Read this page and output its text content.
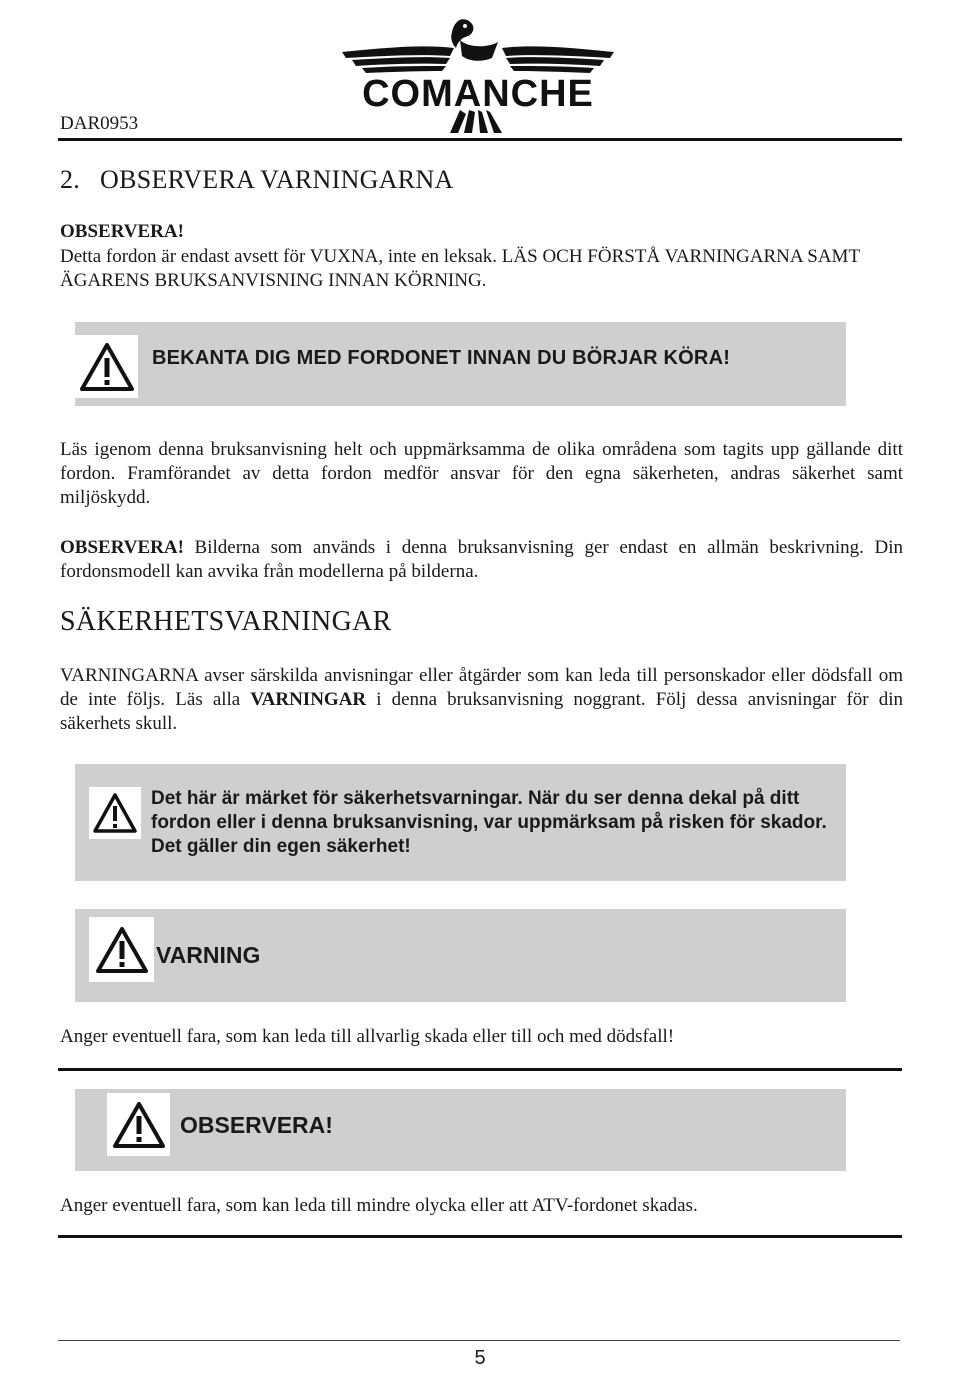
DAR0953
COMANCHE
2. OBSERVERA VARNINGARNA
OBSERVERA!
Detta fordon är endast avsett för VUXNA, inte en leksak. LÄS OCH FÖRSTÅ VARNINGARNA SAMT ÄGARENS BRUKSANVISNING INNAN KÖRNING.
BEKANTA DIG MED FORDONET INNAN DU BÖRJAR KÖRA!
Läs igenom denna bruksanvisning helt och uppmärksamma de olika områdena som tagits upp gällande ditt fordon. Framförandet av detta fordon medför ansvar för den egna säkerheten, andras säkerhet samt miljöskydd.
OBSERVERA! Bilderna som används i denna bruksanvisning ger endast en allmän beskrivning. Din fordonsmodell kan avvika från modellerna på bilderna.
SÄKERHETSVARNINGAR
VARNINGARNA avser särskilda anvisningar eller åtgärder som kan leda till personskador eller dödsfall om de inte följs. Läs alla VARNINGAR i denna bruksanvisning noggrant. Följ dessa anvisningar för din säkerhets skull.
Det här är märket för säkerhetsvarningar. När du ser denna dekal på ditt fordon eller i denna bruksanvisning, var uppmärksam på risken för skador. Det gäller din egen säkerhet!
VARNING
Anger eventuell fara, som kan leda till allvarlig skada eller till och med dödsfall!
OBSERVERA!
Anger eventuell fara, som kan leda till mindre olycka eller att ATV-fordonet skadas.
5
